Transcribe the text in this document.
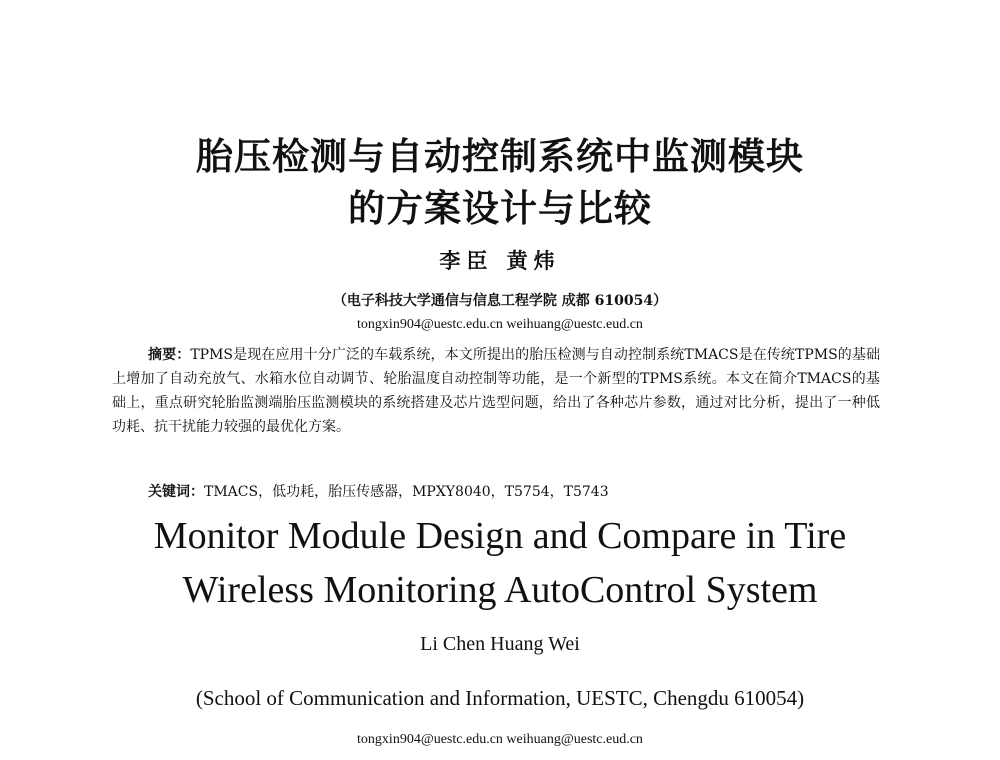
胎压检测与自动控制系统中监测模块
的方案设计与比较
李臣 黄炜
（电子科技大学通信与信息工程学院 成都 610054）
tongxin904@uestc.edu.cn weihuang@uestc.eud.cn
摘要：TPMS是现在应用十分广泛的车载系统，本文所提出的胎压检测与自动控制系统TMACS是在传统TPMS的基础上增加了自动充放气、水箱水位自动调节、轮胎温度自动控制等功能，是一个新型的TPMS系统。本文在简介TMACS的基础上，重点研究轮胎监测端胎压监测模块的系统搭建及芯片选型问题，给出了各种芯片参数，通过对比分析，提出了一种低功耗、抗干扰能力较强的最优化方案。
关键词：TMACS，低功耗，胎压传感器，MPXY8040，T5754，T5743
Monitor Module Design and Compare in Tire
Wireless Monitoring AutoControl System
Li Chen Huang Wei
(School of Communication and Information, UESTC, Chengdu 610054)
tongxin904@uestc.edu.cn weihuang@uestc.eud.cn
